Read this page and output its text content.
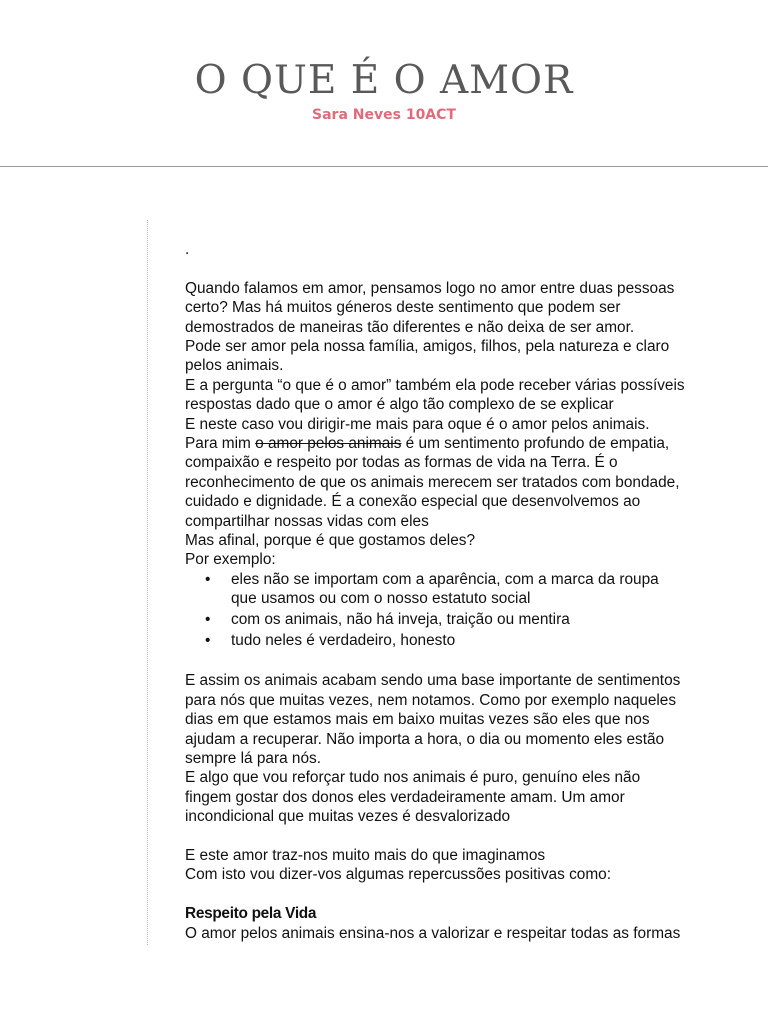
O QUE É O AMOR
Sara Neves 10ACT

.

Quando falamos em amor, pensamos logo no amor entre duas pessoas certo? Mas há muitos géneros deste sentimento que podem ser demostrados de maneiras tão diferentes e não deixa de ser amor.

Pode ser amor pela nossa família, amigos, filhos, pela natureza e claro pelos animais.

E a pergunta “o que é o amor” também ela pode receber várias possíveis respostas dado que o amor é algo tão complexo de se explicar

E neste caso vou dirigir-me mais para oque é o amor pelos animais.

Para mim o amor pelos animais é um sentimento profundo de empatia, compaixão e respeito por todas as formas de vida na Terra. É o reconhecimento de que os animais merecem ser tratados com bondade, cuidado e dignidade. É a conexão especial que desenvolvemos ao compartilhar nossas vidas com eles

Mas afinal, porque é que gostamos deles?

Por exemplo:

• eles não se importam com a aparência, com a marca da roupa que usamos ou com o nosso estatuto social
• com os animais, não há inveja, traição ou mentira
• tudo neles é verdadeiro, honesto

E assim os animais acabam sendo uma base importante de sentimentos para nós que muitas vezes, nem notamos. Como por exemplo naqueles dias em que estamos mais em baixo muitas vezes são eles que nos ajudam a recuperar. Não importa a hora, o dia ou momento eles estão sempre lá para nós.

E algo que vou reforçar tudo nos animais é puro, genuíno eles não fingem gostar dos donos eles verdadeiramente amam. Um amor incondicional que muitas vezes é desvalorizado

E este amor traz-nos muito mais do que imaginamos

Com isto vou dizer-vos algumas repercussões positivas como:

Respeito pela Vida

O amor pelos animais ensina-nos a valorizar e respeitar todas as formas
